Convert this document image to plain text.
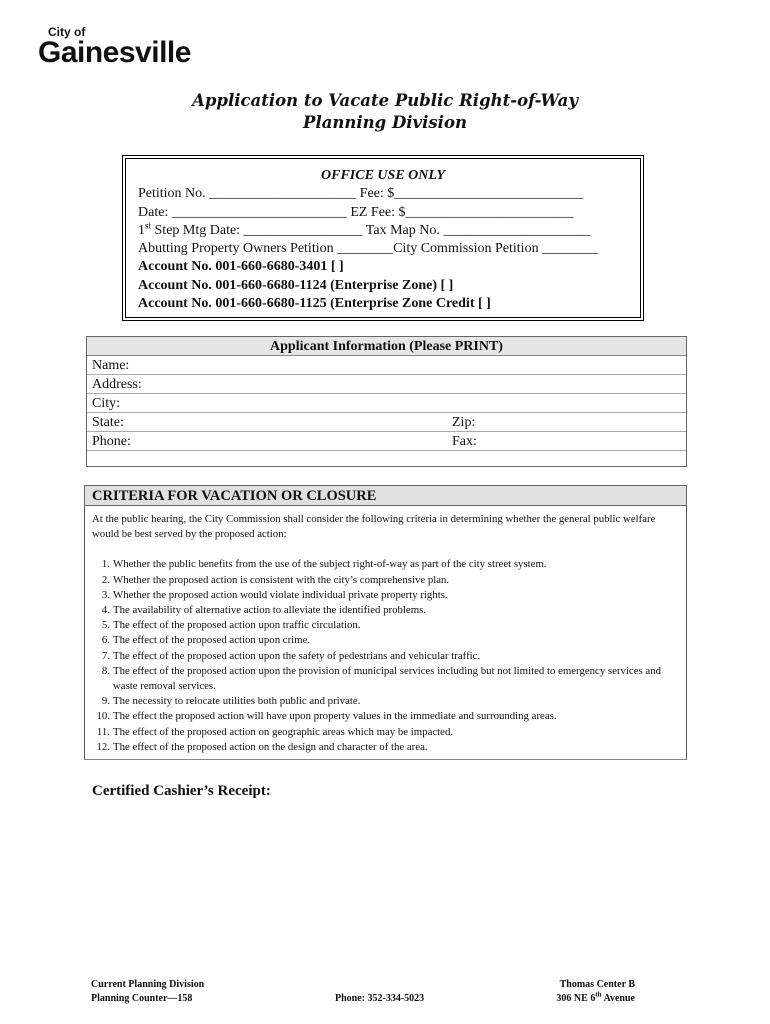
City of
Gainesville
Application to Vacate Public Right-of-Way
Planning Division
OFFICE USE ONLY
Petition No. _____________________ Fee: $___________________________
Date: _________________________ EZ Fee: $________________________
1st Step Mtg Date: _________________ Tax Map No. _____________________
Abutting Property Owners Petition ________City Commission Petition ________
Account No. 001-660-6680-3401 [ ]
Account No. 001-660-6680-1124 (Enterprise Zone) [ ]
Account No. 001-660-6680-1125 (Enterprise Zone Credit [ ]
Applicant Information (Please PRINT)
Name:
Address:
City:
State:	Zip:
Phone:	Fax:
CRITERIA FOR VACATION OR CLOSURE
At the public hearing, the City Commission shall consider the following criteria in determining whether the general public welfare would be best served by the proposed action:
1. Whether the public benefits from the use of the subject right-of-way as part of the city street system.
2. Whether the proposed action is consistent with the city’s comprehensive plan.
3. Whether the proposed action would violate individual private property rights.
4. The availability of alternative action to alleviate the identified problems.
5. The effect of the proposed action upon traffic circulation.
6. The effect of the proposed action upon crime.
7. The effect of the proposed action upon the safety of pedestrians and vehicular traffic.
8. The effect of the proposed action upon the provision of municipal services including but not limited to emergency services and waste removal services.
9. The necessity to relocate utilities both public and private.
10. The effect the proposed action will have upon property values in the immediate and surrounding areas.
11. The effect of the proposed action on geographic areas which may be impacted.
12. The effect of the proposed action on the design and character of the area.
Certified Cashier’s Receipt:
Current Planning Division
Planning Counter—158	Phone: 352-334-5023
Thomas Center B
306 NE 6th Avenue
